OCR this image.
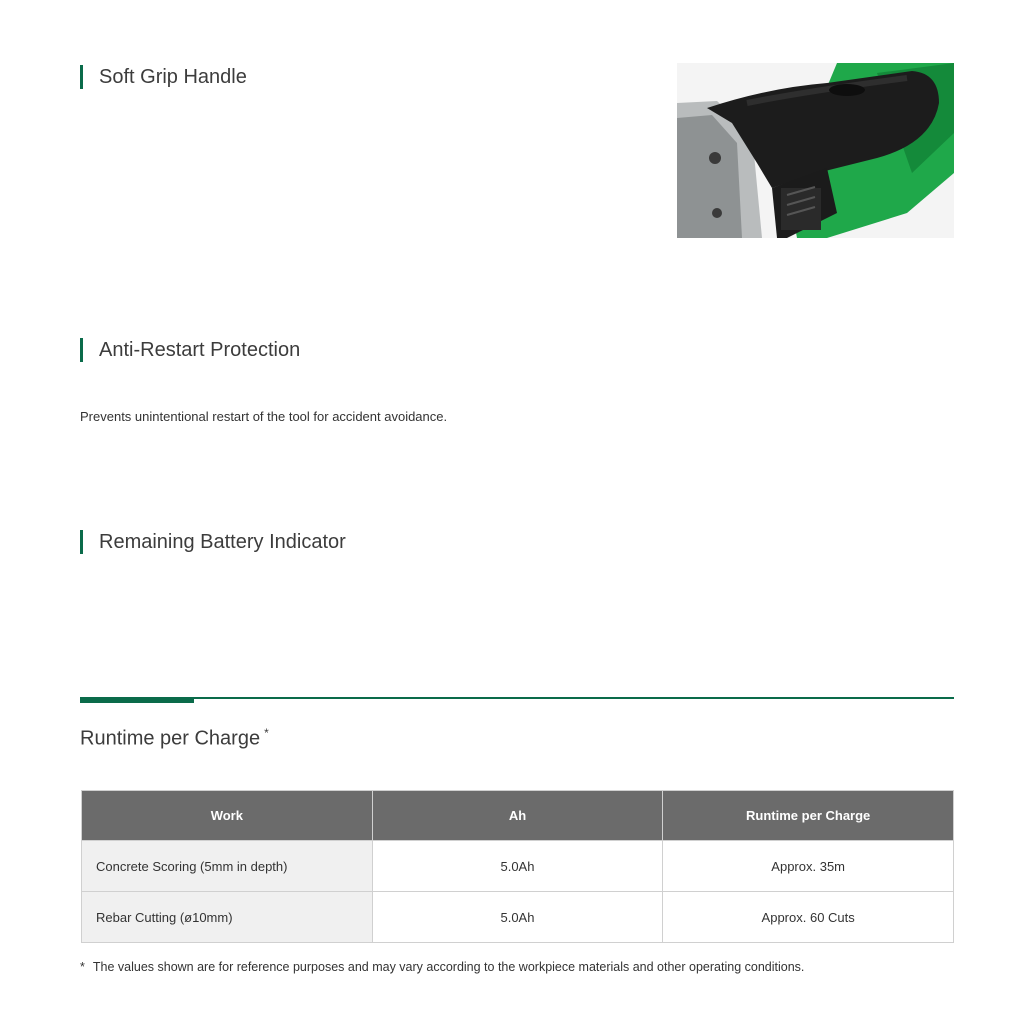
Soft Grip Handle
Anti-Restart Protection
Prevents unintentional restart of the tool for accident avoidance.
Remaining Battery Indicator
Runtime per Charge *
Work	Ah	Runtime per Charge
Concrete Scoring (5mm in depth)	5.0Ah	Approx. 35m
Rebar Cutting (ø10mm)	5.0Ah	Approx. 60 Cuts
* The values shown are for reference purposes and may vary according to the workpiece materials and other operating conditions.
